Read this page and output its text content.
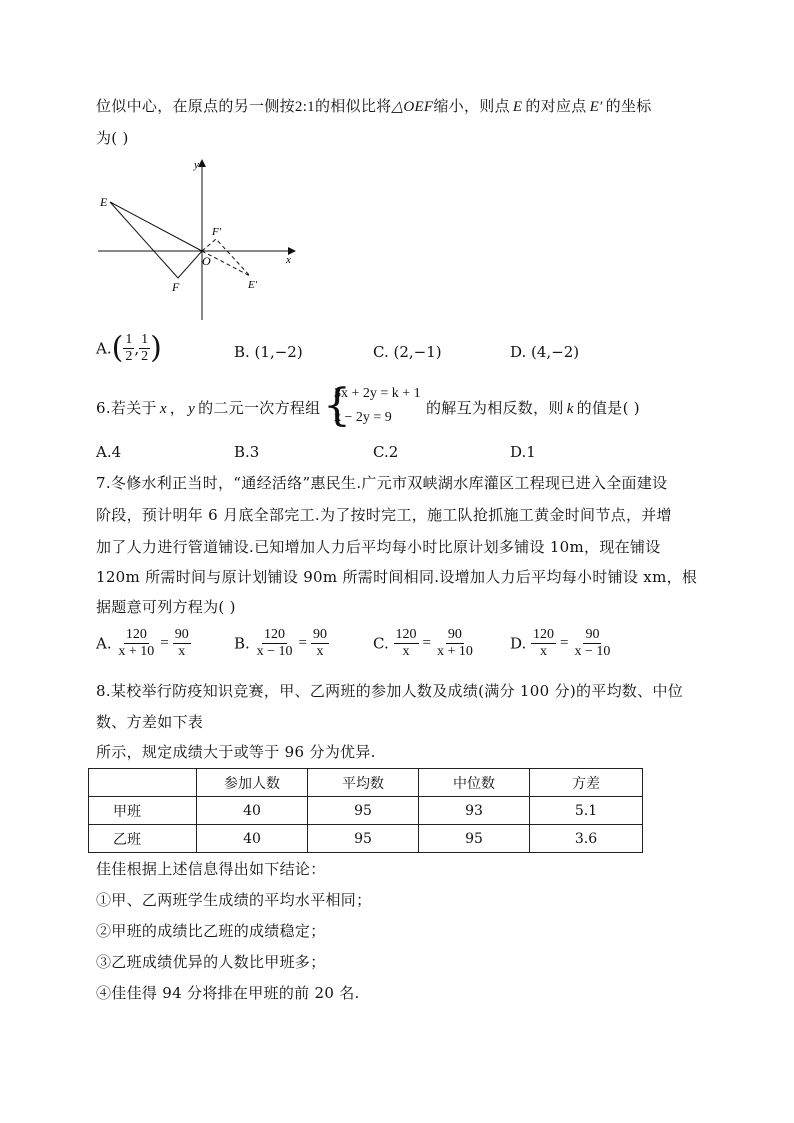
位似中心，在原点的另一侧按2:1的相似比将△OEF缩小，则点 E 的对应点 E′ 的坐标
为( )
y
x
E
F
O
F′
E′
$A.( \frac{1}{2}$ , $\frac{1}{2}$ )	B. (1,−2)	C. (2,−1)	D. (4,−2)
6.若关于 x ， y 的二元一次方程组 {
3x + 2y = k + 1
x − 2y = 9
的解互为相反数，则 k 的值是( )
A.4	B.3	C.2	D.1
7.冬修水利正当时，“通经活络”惠民生.广元市双峡湖水库灌区工程现已进入全面建设
阶段，预计明年 6 月底全部完工.为了按时完工，施工队抢抓施工黄金时间节点，并增
加了人力进行管道铺设.已知增加人力后平均每小时比原计划多铺设 10m，现在铺设
120m 所需时间与原计划铺设 90m 所需时间相同.设增加人力后平均每小时铺设 xm，根
据题意可列方程为( )
A. $\frac{120}{x + 10} = \frac{90}{x}$	B. $\frac{120}{x - 10} = \frac{90}{x}$	C. $\frac{120}{x} = \frac{90}{x + 10} D$. $\frac{120}{x} = \frac{90}{x - 10}$
8.某校举行防疫知识竞赛，甲、乙两班的参加人数及成绩(满分 100 分)的平均数、中位
数、方差如下表
所示，规定成绩大于或等于 96 分为优异.
	参加人数	平均数	中位数	方差
甲班	40	95	93	5.1
乙班	40	95	95	3.6
佳佳根据上述信息得出如下结论：
①甲、乙两班学生成绩的平均水平相同；
②甲班的成绩比乙班的成绩稳定；
③乙班成绩优异的人数比甲班多；
④佳佳得 94 分将排在甲班的前 20 名.
